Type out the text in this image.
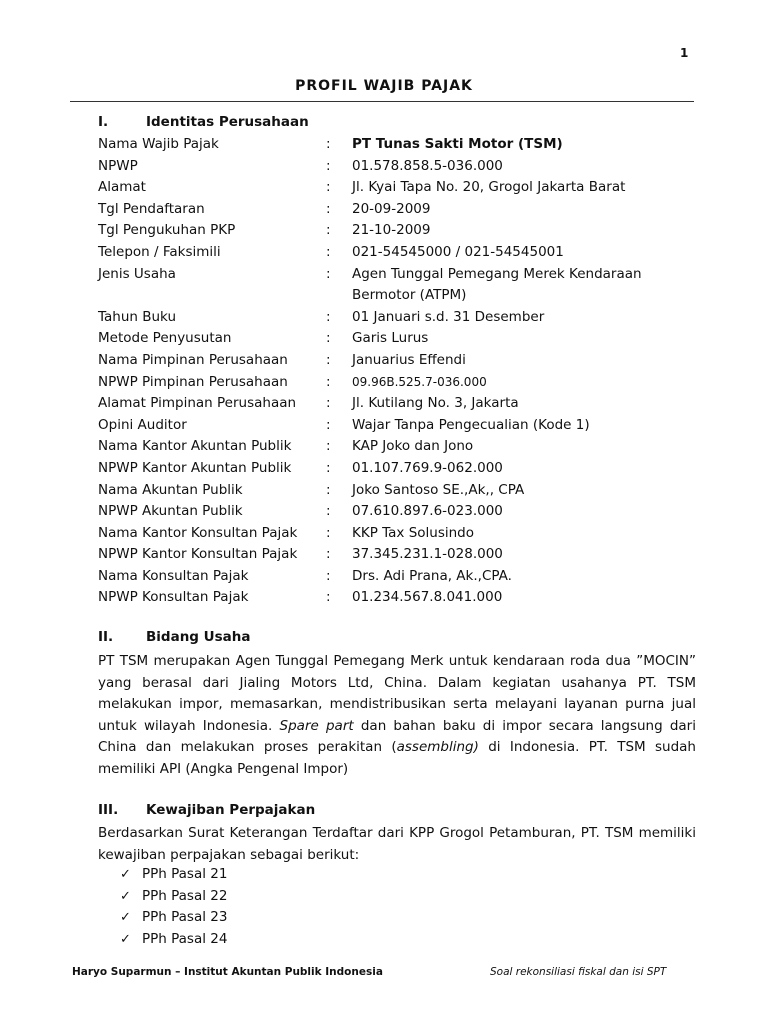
1
PROFIL WAJIB PAJAK
I.	Identitas Perusahaan
Nama Wajib Pajak	:	PT Tunas Sakti Motor (TSM)
NPWP	:	01.578.858.5-036.000
Alamat	:	Jl. Kyai Tapa No. 20, Grogol Jakarta Barat
Tgl Pendaftaran	:	20-09-2009
Tgl Pengukuhan PKP	:	21-10-2009
Telepon / Faksimili	:	021-54545000 / 021-54545001
Jenis Usaha	:	Agen Tunggal Pemegang Merek Kendaraan Bermotor (ATPM)
Tahun Buku	:	01 Januari s.d. 31 Desember
Metode Penyusutan	:	Garis Lurus
Nama Pimpinan Perusahaan	:	Januarius Effendi
NPWP Pimpinan Perusahaan	:	09.96B.525.7-036.000
Alamat Pimpinan Perusahaan	:	Jl. Kutilang No. 3, Jakarta
Opini Auditor	:	Wajar Tanpa Pengecualian (Kode 1)
Nama Kantor Akuntan Publik	:	KAP Joko dan Jono
NPWP Kantor Akuntan Publik	:	01.107.769.9-062.000
Nama Akuntan Publik	:	Joko Santoso SE.,Ak,, CPA
NPWP Akuntan Publik	:	07.610.897.6-023.000
Nama Kantor Konsultan Pajak	:	KKP Tax Solusindo
NPWP Kantor Konsultan Pajak	:	37.345.231.1-028.000
Nama Konsultan Pajak	:	Drs. Adi Prana, Ak.,CPA.
NPWP Konsultan Pajak	:	01.234.567.8.041.000
II. Bidang Usaha
PT TSM merupakan Agen Tunggal Pemegang Merk untuk kendaraan roda dua ”MOCIN” yang berasal dari Jialing Motors Ltd, China. Dalam kegiatan usahanya PT. TSM melakukan impor, memasarkan, mendistribusikan serta melayani layanan purna jual untuk wilayah Indonesia. Spare part dan bahan baku di impor secara langsung dari China dan melakukan proses perakitan (assembling) di Indonesia. PT. TSM sudah memiliki API (Angka Pengenal Impor)
III. Kewajiban Perpajakan
Berdasarkan Surat Keterangan Terdaftar dari KPP Grogol Petamburan, PT. TSM memiliki kewajiban perpajakan sebagai berikut:
✓ PPh Pasal 21
✓ PPh Pasal 22
✓ PPh Pasal 23
✓ PPh Pasal 24
Haryo Suparmun – Institut Akuntan Publik Indonesia	Soal rekonsiliasi fiskal dan isi SPT
